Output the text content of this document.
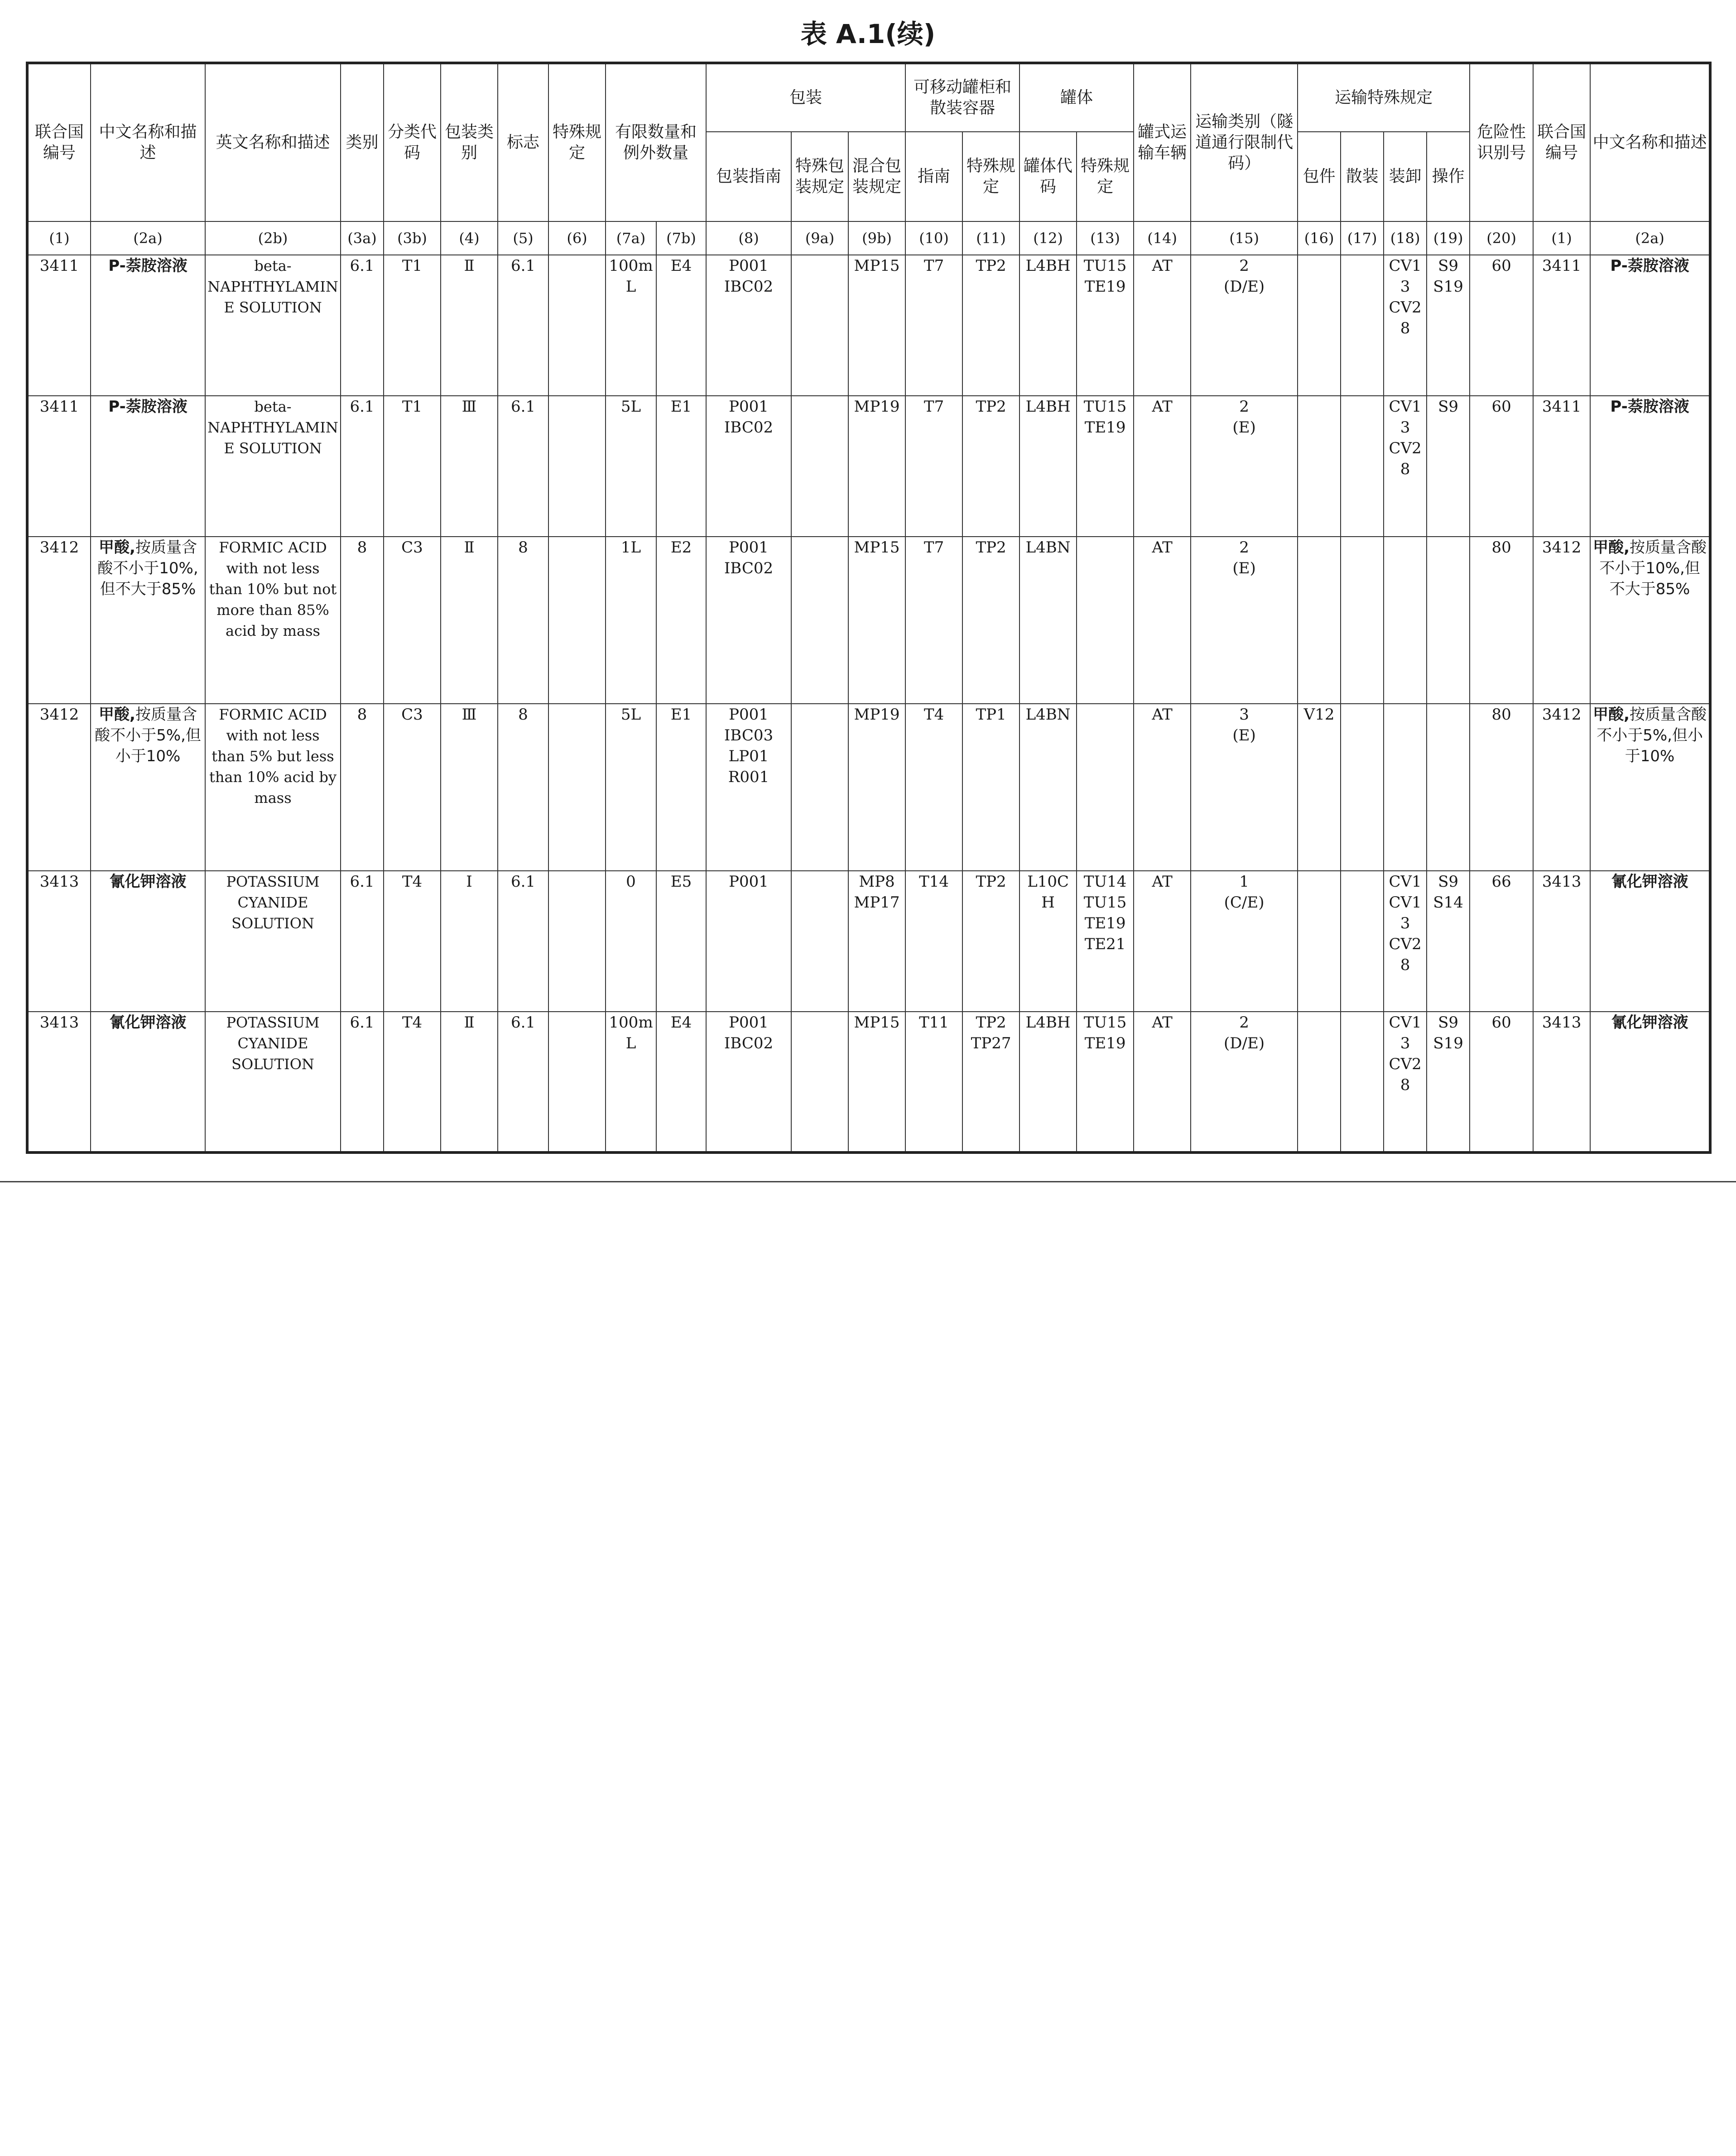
表 A.1(续)
联合国编号	中文名称和描述	英文名称和描述	类别	分类代码	包装类别	标志	特殊规定	有限数量和例外数量		包装			可移动罐柜和散装容器		罐体		罐式运输车辆	运输类别（隧道通行限制代码）	运输特殊规定				危险性识别号	联合国编号	中文名称和描述
										包装指南	特殊包装规定	混合包装规定	指南	特殊规定	罐体代码	特殊规定			包件	散装	装卸	操作			
(1)	(2a)	(2b)	(3a)	(3b)	(4)	(5)	(6)	(7a)	(7b)	(8)	(9a)	(9b)	(10)	(11)	(12)	(13)	(14)	(15)	(16)	(17)	(18)	(19)	(20)	(1)	(2a)
3411	P-萘胺溶液	beta-NAPHTHYLAMINE SOLUTION	6.1	T1	Ⅱ	6.1		100mL	E4	P001
IBC02		MP15	T7	TP2	L4BH	TU15
TE19	AT	2
(D/E)			CV13
CV28	S9
S19	60	3411	P-萘胺溶液
3411	P-萘胺溶液	beta-NAPHTHYLAMINE SOLUTION	6.1	T1	Ⅲ	6.1		5L	E1	P001
IBC02		MP19	T7	TP2	L4BH	TU15
TE19	AT	2
(E)			CV13
CV28	S9	60	3411	P-萘胺溶液
3412	甲酸,按质量含酸不小于10%,但不大于85%	FORMIC ACID with not less than 10% but not more than 85% acid by mass	8	C3	Ⅱ	8		1L	E2	P001
IBC02		MP15	T7	TP2	L4BN		AT	2
(E)					80	3412	甲酸,按质量含酸不小于10%,但不大于85%
3412	甲酸,按质量含酸不小于5%,但小于10%	FORMIC ACID with not less than 5% but less than 10% acid by mass	8	C3	Ⅲ	8		5L	E1	P001
IBC03
LP01
R001		MP19	T4	TP1	L4BN		AT	3
(E)	V12				80	3412	甲酸,按质量含酸不小于5%,但小于10%
3413	氰化钾溶液	POTASSIUM CYANIDE SOLUTION	6.1	T4	I	6.1		0	E5	P001		MP8
MP17	T14	TP2	L10CH	TU14
TU15
TE19
TE21	AT	1
(C/E)			CV1
CV13
CV28	S9
S14	66	3413	氰化钾溶液
3413	氰化钾溶液	POTASSIUM CYANIDE SOLUTION	6.1	T4	Ⅱ	6.1		100mL	E4	P001
IBC02		MP15	T11	TP2
TP27	L4BH	TU15
TE19	AT	2
(D/E)			CV13
CV28	S9
S19	60	3413	氰化钾溶液
